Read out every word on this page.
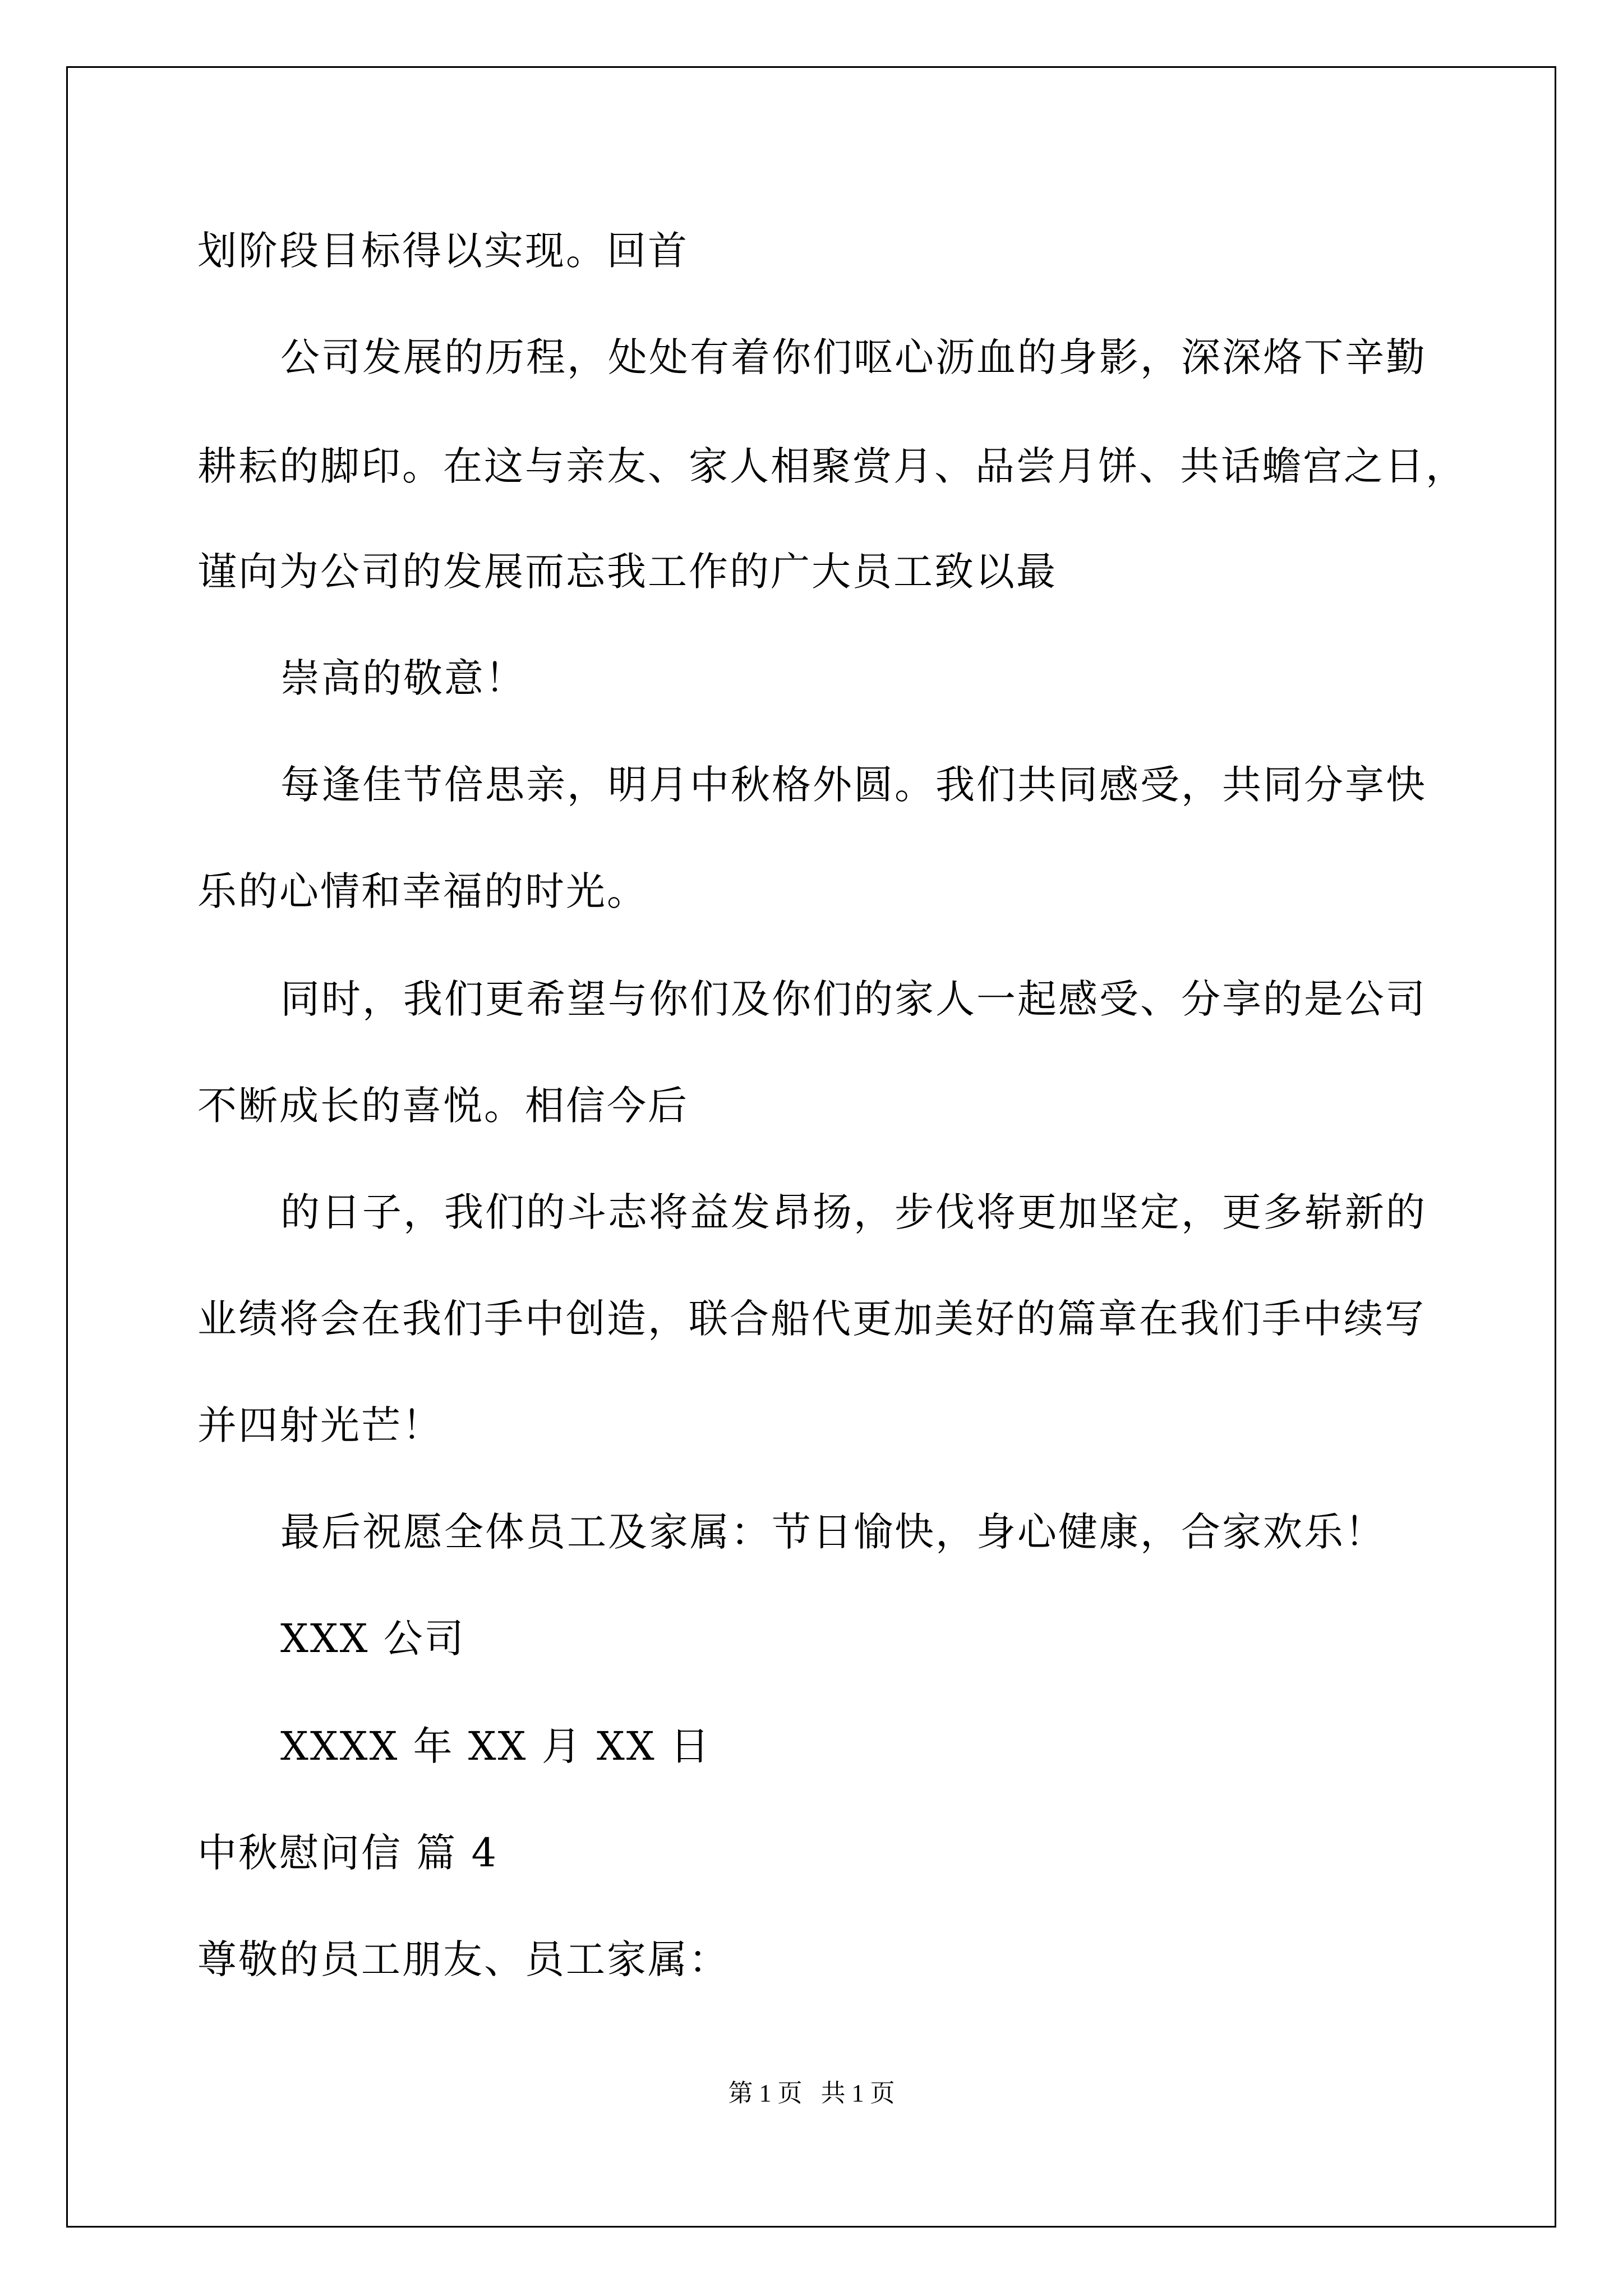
划阶段目标得以实现。回首
公司发展的历程，处处有着你们呕心沥血的身影，深深烙下辛勤
耕耘的脚印。在这与亲友、家人相聚赏月、品尝月饼、共话蟾宫之日，
谨向为公司的发展而忘我工作的广大员工致以最
崇高的敬意！
每逢佳节倍思亲，明月中秋格外圆。我们共同感受，共同分享快
乐的心情和幸福的时光。
同时，我们更希望与你们及你们的家人一起感受、分享的是公司
不断成长的喜悦。相信今后
的日子，我们的斗志将益发昂扬，步伐将更加坚定，更多崭新的
业绩将会在我们手中创造，联合船代更加美好的篇章在我们手中续写
并四射光芒！
最后祝愿全体员工及家属：节日愉快，身心健康，合家欢乐！
XXX 公司
XXXX 年 XX 月 XX 日
中秋慰问信 篇 4
尊敬的员工朋友、员工家属：
第 1 页   共 1 页
